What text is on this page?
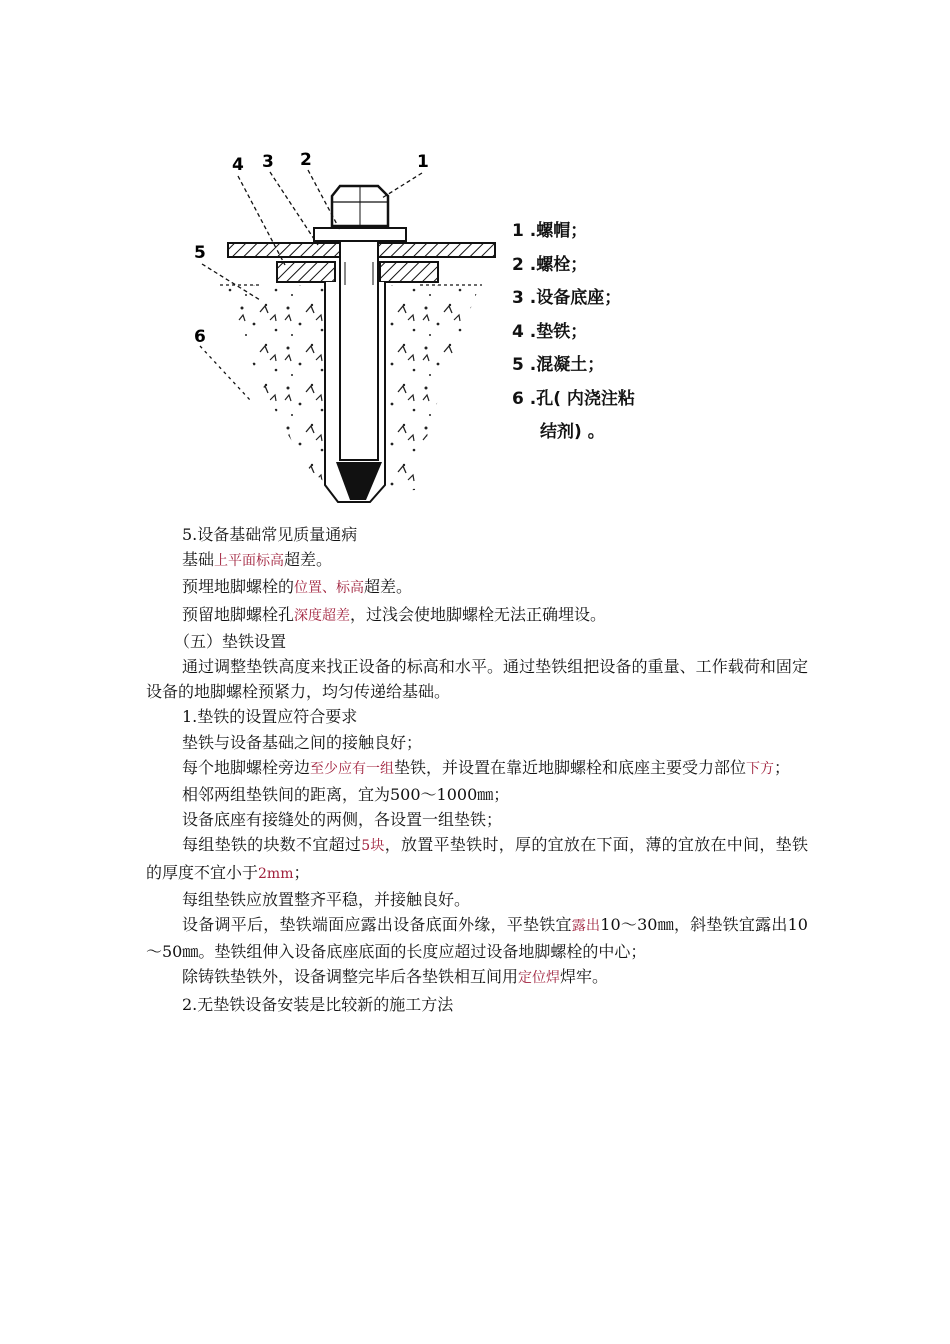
4 3 2	1
5
6
1 .螺帽；
2 .螺栓；
3 .设备底座；
4 .垫铁；
5 .混凝土；
6 .孔( 内浇注粘
结剂) 。

5.设备基础常见质量通病

基础上平面标高超差。

预埋地脚螺栓的位置、标高超差。

预留地脚螺栓孔深度超差，过浅会使地脚螺栓无法正确埋设。

（五）垫铁设置

通过调整垫铁高度来找正设备的标高和水平。通过垫铁组把设备的重量、工作载荷和固定设备的地脚螺栓预紧力，均匀传递给基础。

1.垫铁的设置应符合要求

垫铁与设备基础之间的接触良好；

每个地脚螺栓旁边至少应有一组垫铁，并设置在靠近地脚螺栓和底座主要受力部位下方；

相邻两组垫铁间的距离，宜为500～1000㎜；

设备底座有接缝处的两侧，各设置一组垫铁；

每组垫铁的块数不宜超过5块，放置平垫铁时，厚的宜放在下面，薄的宜放在中间，垫铁的厚度不宜小于2mm；

每组垫铁应放置整齐平稳，并接触良好。

设备调平后，垫铁端面应露出设备底面外缘，平垫铁宜露出10～30㎜，斜垫铁宜露出10～50㎜。垫铁组伸入设备底座底面的长度应超过设备地脚螺栓的中心；

除铸铁垫铁外，设备调整完毕后各垫铁相互间用定位焊焊牢。

2.无垫铁设备安装是比较新的施工方法
